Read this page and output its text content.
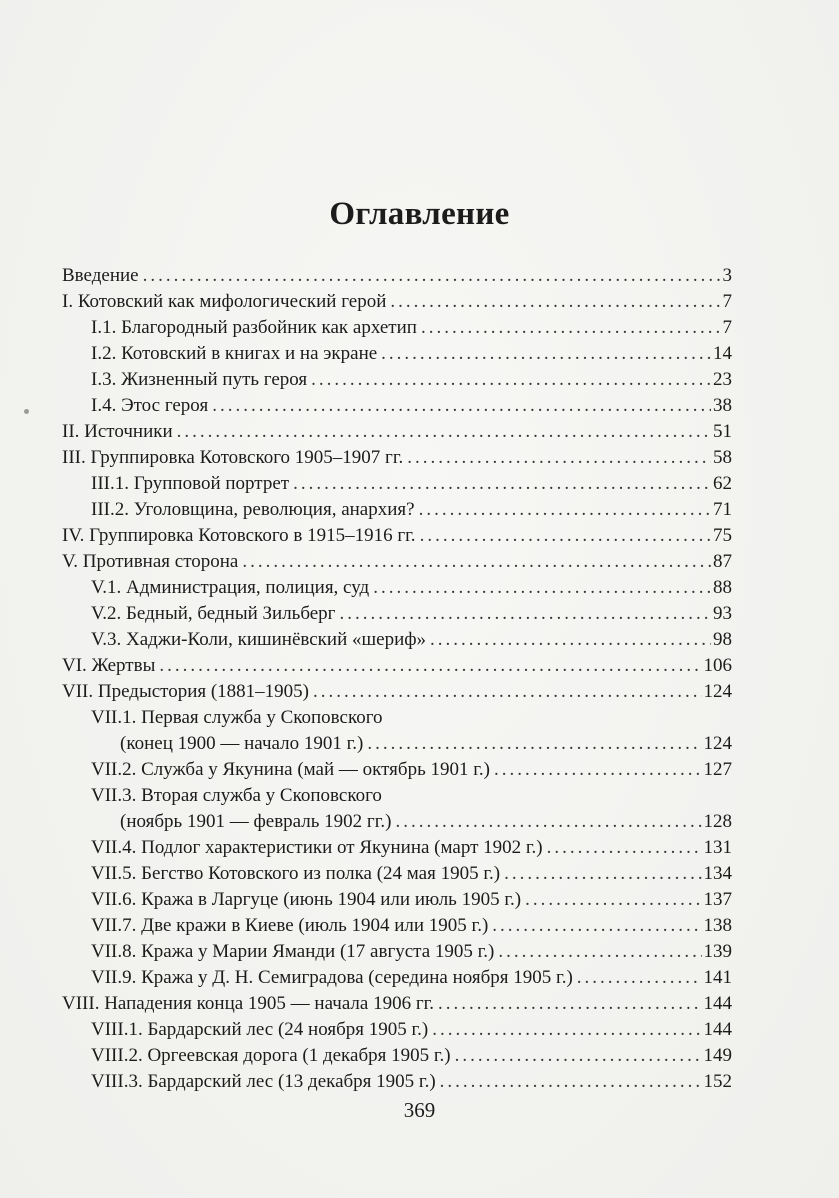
Оглавление
Введение .....	3
I. Котовский как мифологический герой .....	7
I.1. Благородный разбойник как архетип .....	7
I.2. Котовский в книгах и на экране .....	14
I.3. Жизненный путь героя .....	23
I.4. Этос героя .....	38
II. Источники .....	51
III. Группировка Котовского 1905–1907 гг. .....	58
III.1. Групповой портрет .....	62
III.2. Уголовщина, революция, анархия? .....	71
IV. Группировка Котовского в 1915–1916 гг. .....	75
V. Противная сторона .....	87
V.1. Администрация, полиция, суд .....	88
V.2. Бедный, бедный Зильберг .....	93
V.3. Хаджи-Коли, кишинёвский «шериф» .....	98
VI. Жертвы .....	106
VII. Предыстория (1881–1905) .....	124
VII.1. Первая служба у Скоповского
(конец 1900 — начало 1901 г.) .....	124
VII.2. Служба у Якунина (май — октябрь 1901 г.) .....	127
VII.3. Вторая служба у Скоповского
(ноябрь 1901 — февраль 1902 гг.) .....	128
VII.4. Подлог характеристики от Якунина (март 1902 г.) .....	131
VII.5. Бегство Котовского из полка (24 мая 1905 г.) .....	134
VII.6. Кража в Ларгуце (июнь 1904 или июль 1905 г.) .....	137
VII.7. Две кражи в Киеве (июль 1904 или 1905 г.) .....	138
VII.8. Кража у Марии Яманди (17 августа 1905 г.) .....	139
VII.9. Кража у Д. Н. Семиградова (середина ноября 1905 г.) .....	141
VIII. Нападения конца 1905 — начала 1906 гг. .....	144
VIII.1. Бардарский лес (24 ноября 1905 г.) .....	144
VIII.2. Оргеевская дорога (1 декабря 1905 г.) .....	149
VIII.3. Бардарский лес (13 декабря 1905 г.) .....	152
369
